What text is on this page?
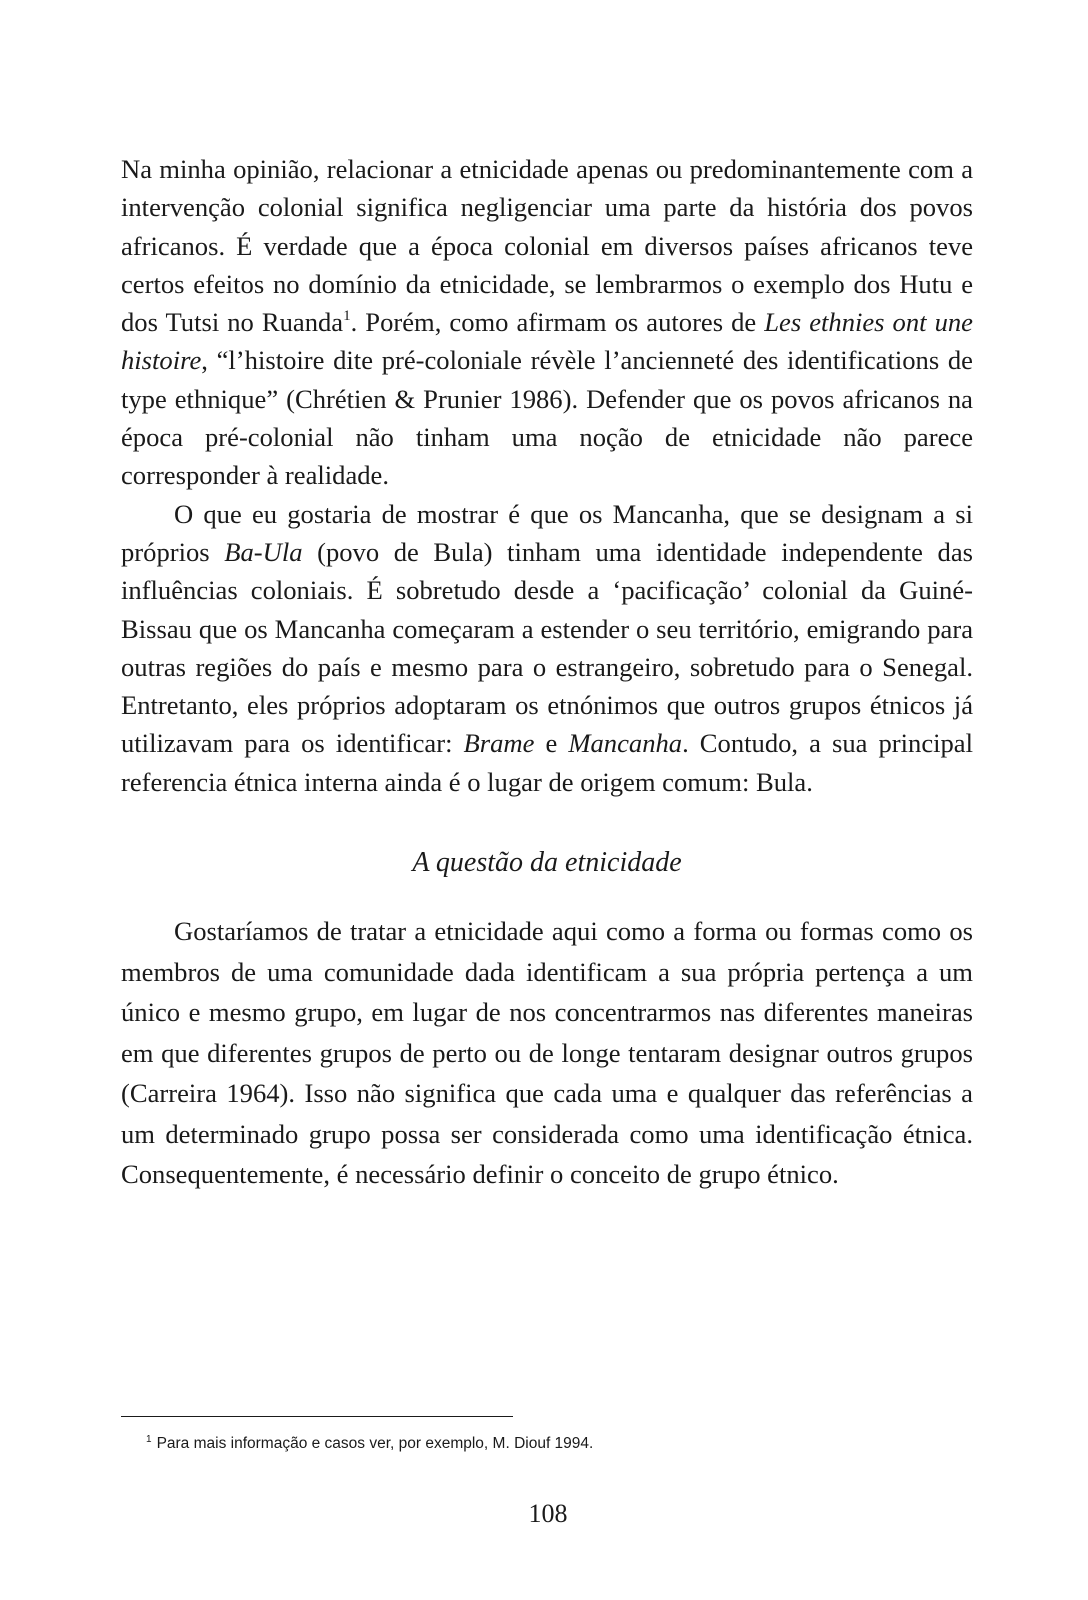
Na minha opinião, relacionar a etnicidade apenas ou predominantemente com a intervenção colonial significa negligenciar uma parte da história dos povos africanos. É verdade que a época colonial em diversos países africanos teve certos efeitos no domínio da etnicidade, se lembrarmos o exemplo dos Hutu e dos Tutsi no Ruanda$^1$. Porém, como afirmam os autores de Les ethnies ont une histoire, “l’histoire dite pré-coloniale révèle l’ancienneté des identifications de type ethnique” (Chrétien & Prunier 1986). Defender que os povos africanos na época pré-colonial não tinham uma noção de etnicidade não parece corresponder à realidade.

O que eu gostaria de mostrar é que os Mancanha, que se designam a si próprios Ba-Ula (povo de Bula) tinham uma identidade independente das influências coloniais. É sobretudo desde a ‘pacificação’ colonial da Guiné-Bissau que os Mancanha começaram a estender o seu território, emigrando para outras regiões do país e mesmo para o estrangeiro, sobretudo para o Senegal. Entretanto, eles próprios adoptaram os etnónimos que outros grupos étnicos já utilizavam para os identificar: Brame e Mancanha. Contudo, a sua principal referencia étnica interna ainda é o lugar de origem comum: Bula.

A questão da etnicidade

Gostaríamos de tratar a etnicidade aqui como a forma ou formas como os membros de uma comunidade dada identificam a sua própria pertença a um único e mesmo grupo, em lugar de nos concentrarmos nas diferentes maneiras em que diferentes grupos de perto ou de longe tentaram designar outros grupos (Carreira 1964). Isso não significa que cada uma e qualquer das referências a um determinado grupo possa ser considerada como uma identificação étnica. Consequentemente, é necessário definir o conceito de grupo étnico.

$^1$ Para mais informação e casos ver, por exemplo, M. Diouf 1994.
108
